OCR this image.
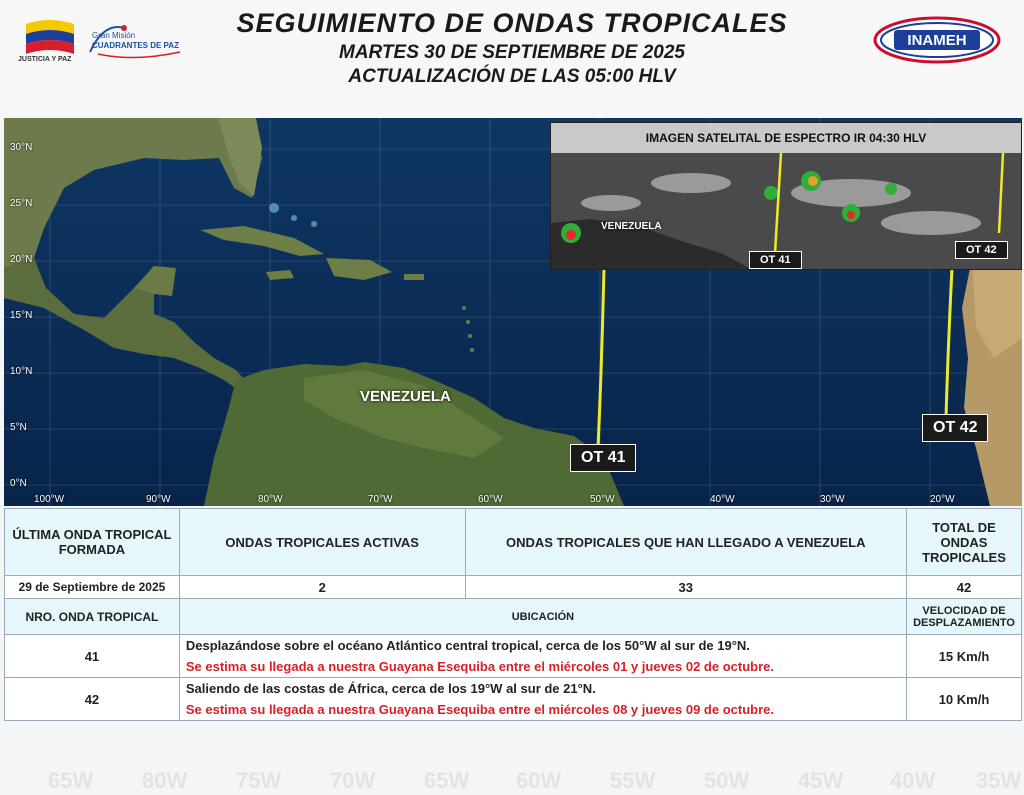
JUSTICIA Y PAZ
Gran Misión
CUADRANTES DE PAZ
SEGUIMIENTO DE ONDAS TROPICALES
MARTES 30 DE SEPTIEMBRE DE 2025
ACTUALIZACIÓN DE LAS 05:00 HLV
INAMEH
30°N
25°N
20°N
15°N
10°N
5°N
0°N
100°W	90°W	80°W	70°W	60°W	50°W	40°W	30°W	20°W
VENEZUELA
OT 41
OT 42
IMAGEN SATELITAL DE ESPECTRO IR 04:30 HLV
VENEZUELA
OT 41
OT 42
ÚLTIMA ONDA TROPICAL FORMADA	ONDAS TROPICALES ACTIVAS	ONDAS TROPICALES QUE HAN LLEGADO A VENEZUELA	TOTAL DE ONDAS TROPICALES
29 de Septiembre de 2025	2	33	42
NRO. ONDA TROPICAL	UBICACIÓN		VELOCIDAD DE DESPLAZAMIENTO
41	Desplazándose sobre el océano Atlántico central tropical, cerca de los 50°W al sur de 19°N.
Se estima su llegada a nuestra Guayana Esequiba entre el miércoles 01 y jueves 02 de octubre.		15 Km/h
42	Saliendo de las costas de África, cerca de los 19°W al sur de 21°N.
Se estima su llegada a nuestra Guayana Esequiba entre el miércoles 08 y jueves 09 de octubre.		10 Km/h
65W 80W 75W 70W 65W 60W 55W 50W 45W 40W 35W
